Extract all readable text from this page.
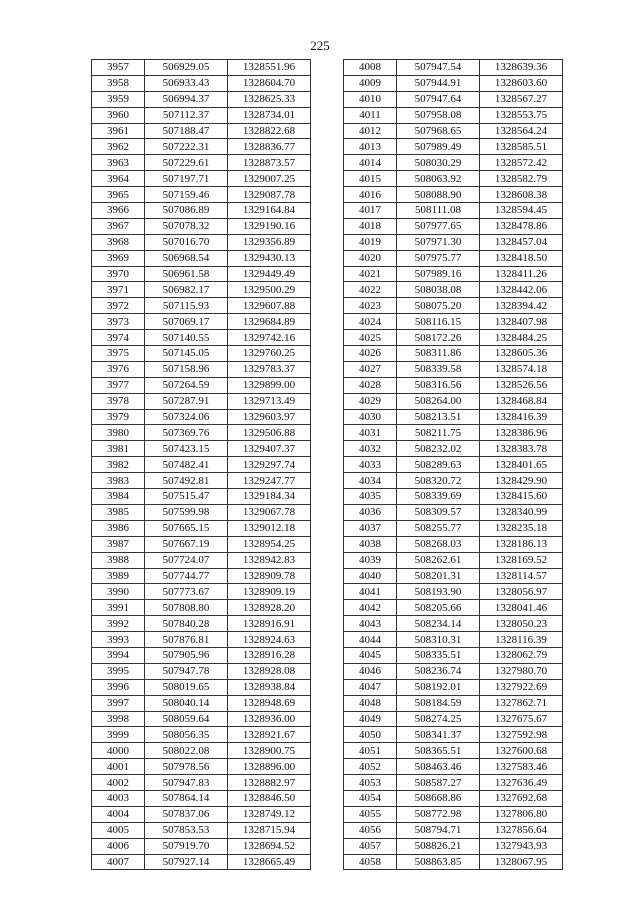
225
3957	506929.05	1328551.96
3958	506933.43	1328604.70
3959	506994.37	1328625.33
3960	507112.37	1328734.01
3961	507188.47	1328822.68
3962	507222.31	1328836.77
3963	507229.61	1328873.57
3964	507197.71	1329007.25
3965	507159.46	1329087.78
3966	507086.89	1329164.84
3967	507078.32	1329190.16
3968	507016.70	1329356.89
3969	506968.54	1329430.13
3970	506961.58	1329449.49
3971	506982.17	1329500.29
3972	507115.93	1329607.88
3973	507069.17	1329684.89
3974	507140.55	1329742.16
3975	507145.05	1329760.25
3976	507158.96	1329783.37
3977	507264.59	1329899.00
3978	507287.91	1329713.49
3979	507324.06	1329603.97
3980	507369.76	1329506.88
3981	507423.15	1329407.37
3982	507482.41	1329297.74
3983	507492.81	1329247.77
3984	507515.47	1329184.34
3985	507599.98	1329067.78
3986	507665.15	1329012.18
3987	507667.19	1328954.25
3988	507724.07	1328942.83
3989	507744.77	1328909.78
3990	507773.67	1328909.19
3991	507808.80	1328928.20
3992	507840.28	1328916.91
3993	507876.81	1328924.63
3994	507905.96	1328916.28
3995	507947.78	1328928.08
3996	508019.65	1328938.84
3997	508040.14	1328948.69
3998	508059.64	1328936.00
3999	508056.35	1328921.67
4000	508022.08	1328900.75
4001	507978.56	1328896.00
4002	507947.83	1328882.97
4003	507864.14	1328846.50
4004	507837.06	1328749.12
4005	507853.53	1328715.94
4006	507919.70	1328694.52
4007	507927.14	1328665.49
4008	507947.54	1328639.36
4009	507944.91	1328603.60
4010	507947.64	1328567.27
4011	507958.08	1328553.75
4012	507968.65	1328564.24
4013	507989.49	1328585.51
4014	508030.29	1328572.42
4015	508063.92	1328582.79
4016	508088.90	1328608.38
4017	508111.08	1328594.45
4018	507977.65	1328478.86
4019	507971.30	1328457.04
4020	507975.77	1328418.50
4021	507989.16	1328411.26
4022	508038.08	1328442.06
4023	508075.20	1328394.42
4024	508116.15	1328407.98
4025	508172.26	1328484.25
4026	508311.86	1328605.36
4027	508339.58	1328574.18
4028	508316.56	1328526.56
4029	508264.00	1328468.84
4030	508213.51	1328416.39
4031	508211.75	1328386.96
4032	508232.02	1328383.78
4033	508289.63	1328401.65
4034	508320.72	1328429.90
4035	508339.69	1328415.60
4036	508309.57	1328340.99
4037	508255.77	1328235.18
4038	508268.03	1328186.13
4039	508262.61	1328169.52
4040	508201.31	1328114.57
4041	508193.90	1328056.97
4042	508205.66	1328041.46
4043	508234.14	1328050.23
4044	508310.31	1328116.39
4045	508335.51	1328062.79
4046	508236.74	1327980.70
4047	508192.01	1327922.69
4048	508184.59	1327862.71
4049	508274.25	1327675.67
4050	508341.37	1327592.98
4051	508365.51	1327600.68
4052	508463.46	1327583.46
4053	508587.27	1327636.49
4054	508668.86	1327692.68
4055	508772.98	1327806.80
4056	508794.71	1327856.64
4057	508826.21	1327943.93
4058	508863.85	1328067.95
